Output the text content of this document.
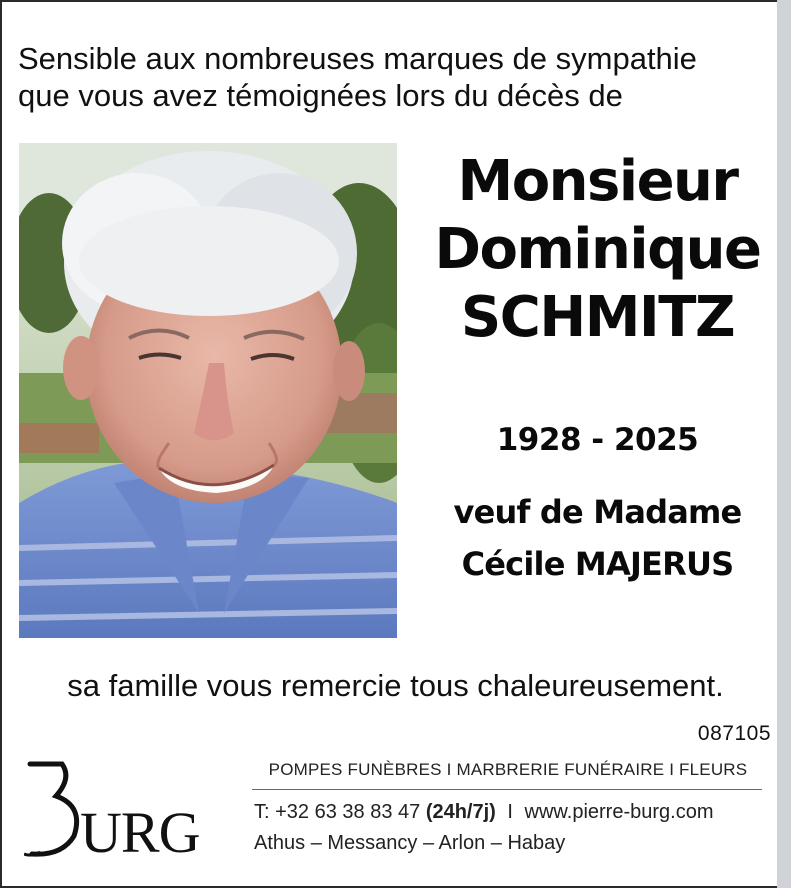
Sensible aux nombreuses marques de sympathie
que vous avez témoignées lors du décès de
Monsieur
Dominique
SCHMITZ
1928 - 2025
veuf de Madame
Cécile MAJERUS
sa famille vous remercie tous chaleureusement.
087105
URG
POMPES FUNÈBRES I MARBRERIE FUNÉRAIRE I FLEURS
T: +32 63 38 83 47 (24h/7j) I www.pierre-burg.com
Athus – Messancy – Arlon – Habay
